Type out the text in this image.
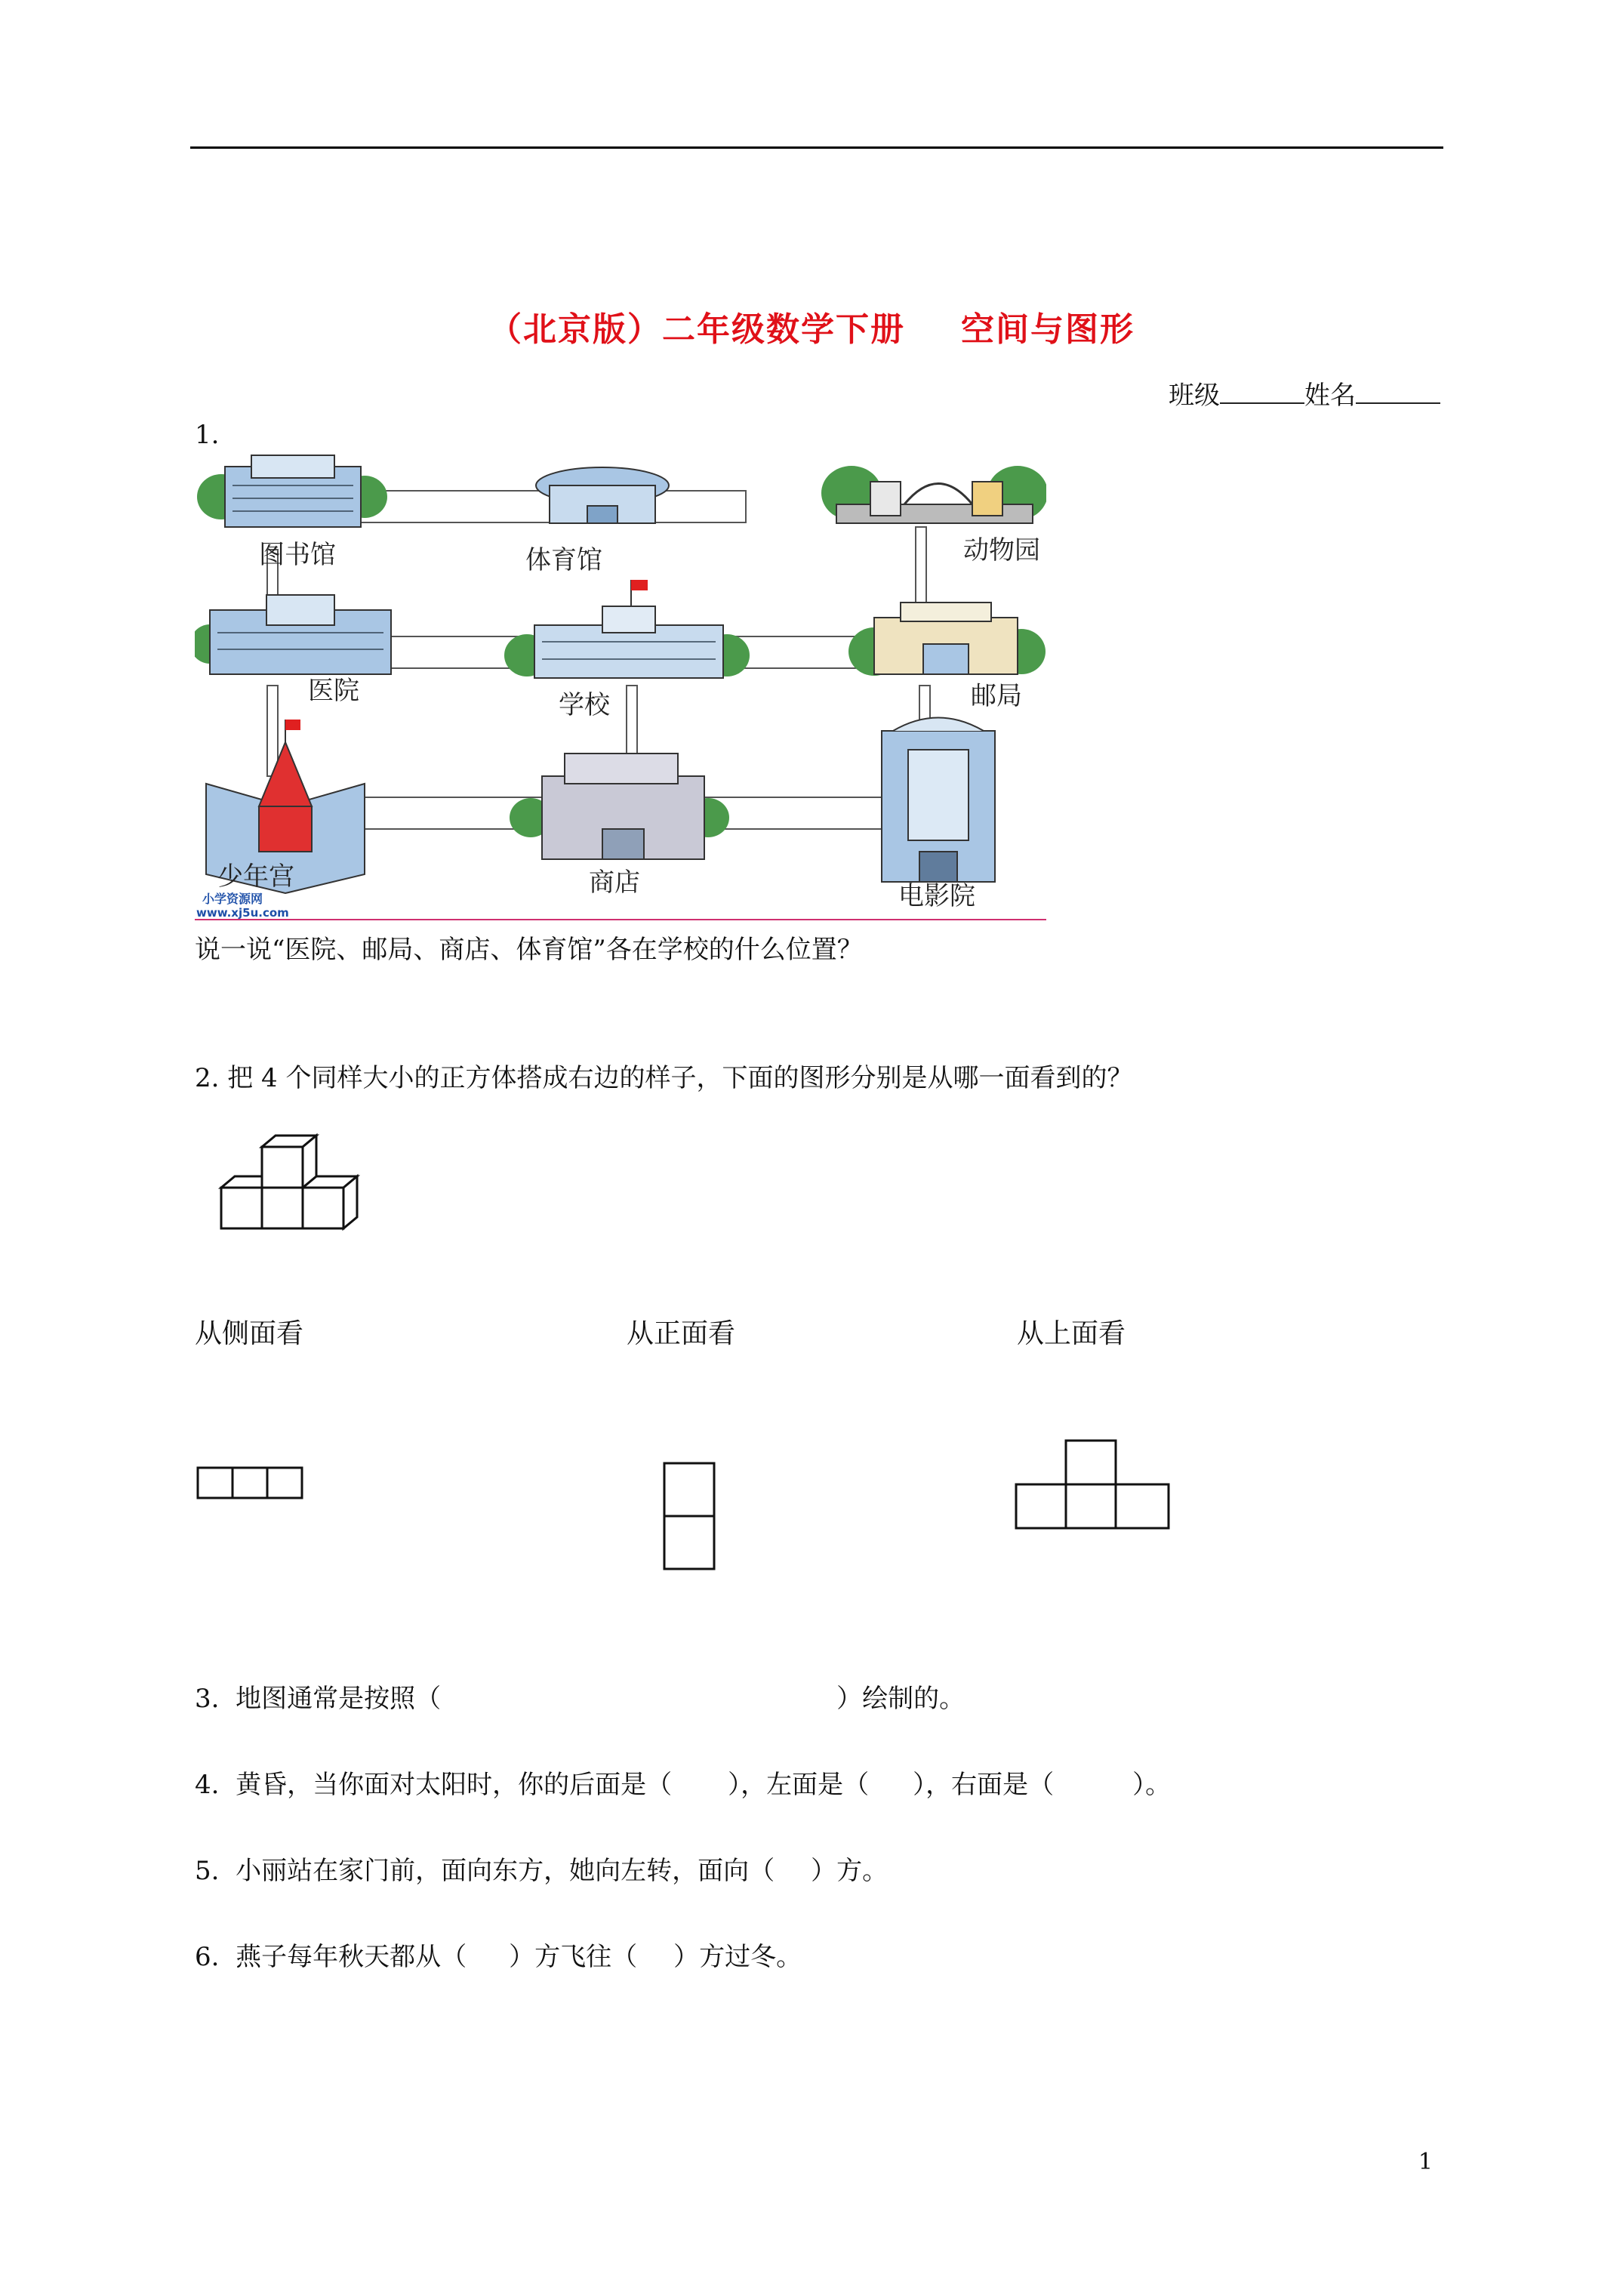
（北京版）二年级数学下册 空间与图形
班级	姓名
1.
图书馆	体育馆	动物园
医院	学校	邮局
少年宫	商店	电影院
小学资源网
www.xj5u.com
说一说“医院、邮局、商店、体育馆”各在学校的什么位置？
2. 把 4 个同样大小的正方体搭成右边的样子，下面的图形分别是从哪一面看到的？
从侧面看	从正面看	从上面看
3. 地图通常是按照（	）绘制的。
4. 黄昏，当你面对太阳时，你的后面是（ ），左面是（ ），右面是（	）。
5. 小丽站在家门前，面向东方，她向左转，面向（ ）方。
6. 燕子每年秋天都从（ ）方飞往（ ）方过冬。
1
